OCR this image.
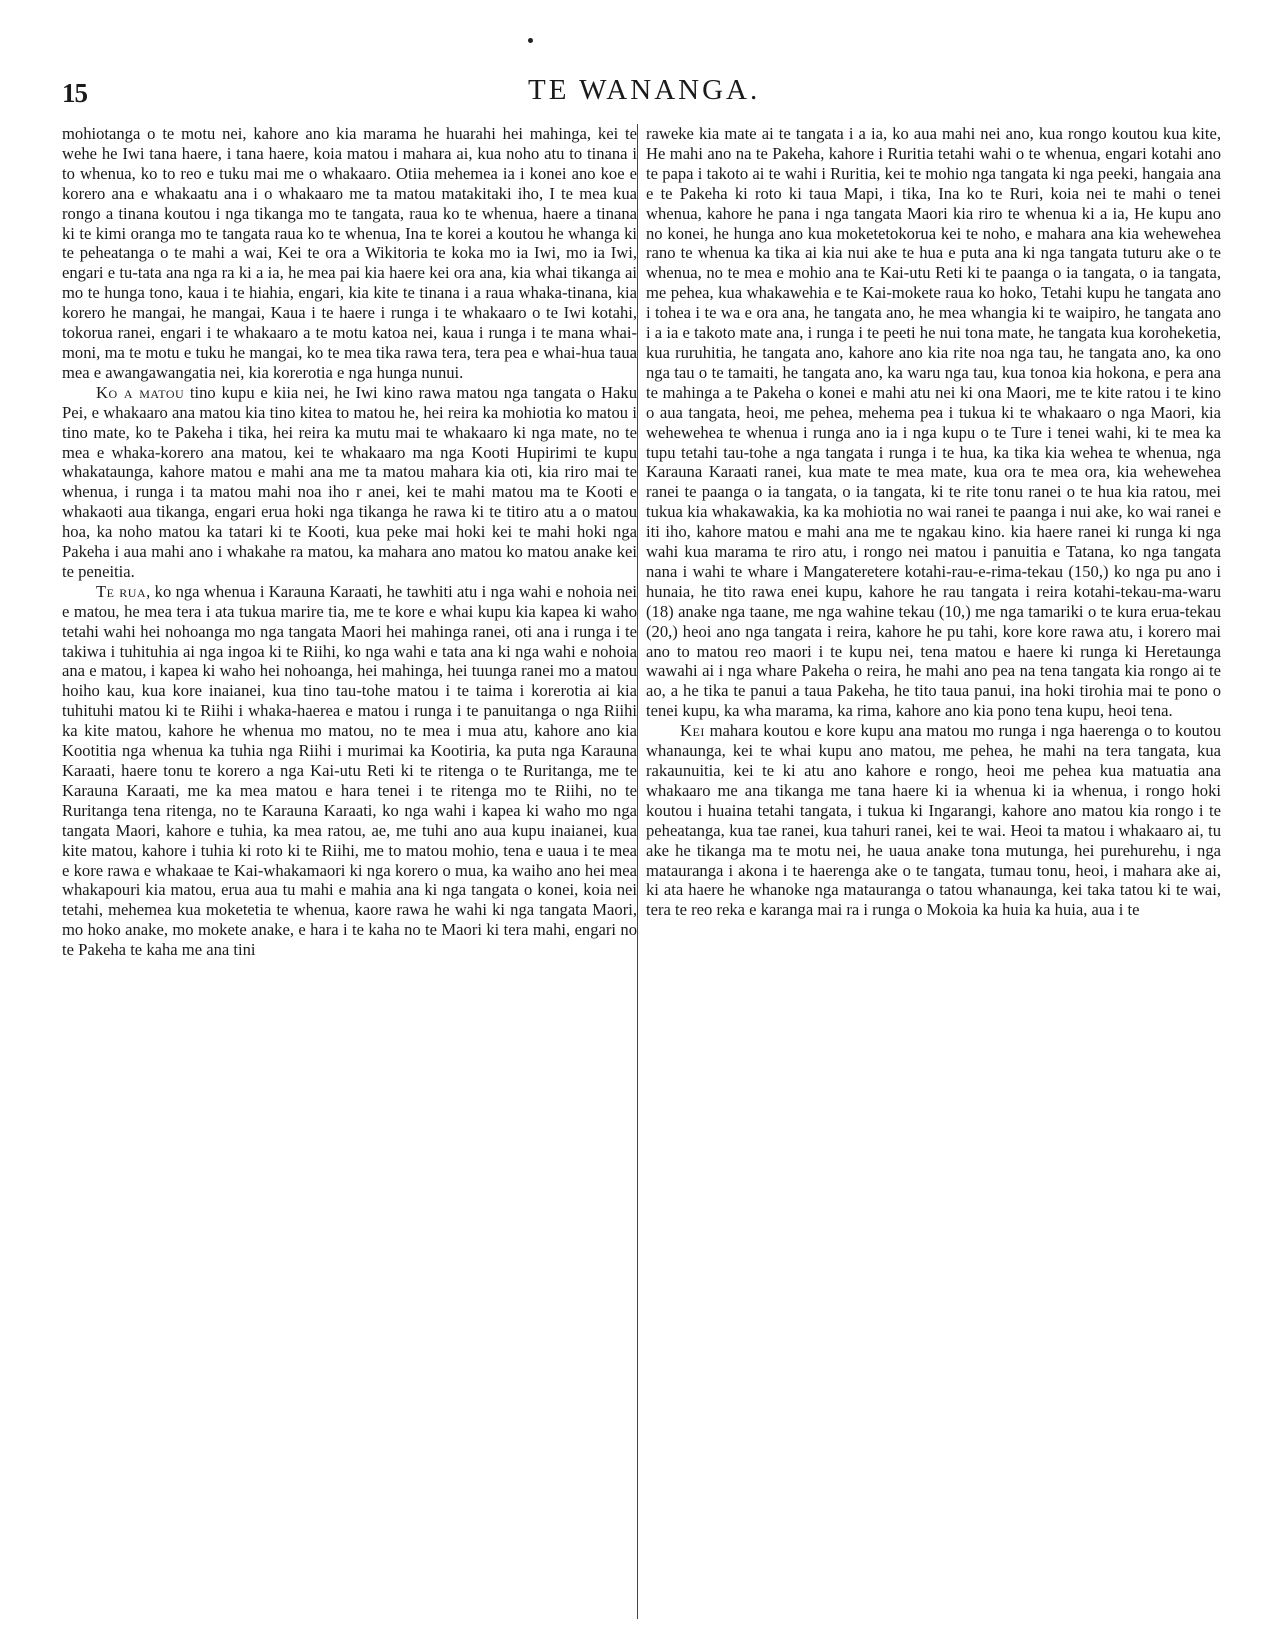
15	TE WANANGA.

mohiotanga o te motu nei, kahore ano kia marama he huarahi hei mahinga, kei te wehe he Iwi tana haere, i tana haere, koia matou i mahara ai, kua noho atu to tinana i to whenua, ko to reo e tuku mai me o whakaaro. Otiia mehemea ia i konei ano koe e korero ana e whakaatu ana i o whakaaro me ta matou matakitaki iho, I te mea kua rongo a tinana koutou i nga tikanga mo te tangata, raua ko te whenua, haere a tinana ki te kimi oranga mo te tangata raua ko te whenua, Ina te korei a koutou he whanga ki te peheatanga o te mahi a wai, Kei te ora a Wikitoria te koka mo ia Iwi, mo ia Iwi, engari e tu-tata ana nga ra ki a ia, he mea pai kia haere kei ora ana, kia whai tikanga ai mo te hunga tono, kaua i te hiahia, engari, kia kite te tinana i a raua whaka-tinana, kia korero he mangai, he mangai, Kaua i te haere i runga i te whakaaro o te Iwi kotahi, tokorua ranei, engari i te whakaaro a te motu katoa nei, kaua i runga i te mana whai-moni, ma te motu e tuku he mangai, ko te mea tika rawa tera, tera pea e whai-hua taua mea e awangawangatia nei, kia korerotia e nga hunga nunui.

Ko a matou tino kupu e kiia nei, he Iwi kino rawa matou nga tangata o Haku Pei, e whakaaro ana matou kia tino kitea to matou he, hei reira ka mohiotia ko matou i tino mate, ko te Pakeha i tika, hei reira ka mutu mai te whakaaro ki nga mate, no te mea e whaka-korero ana matou, kei te whakaaro ma nga Kooti Hupirimi te kupu whakataunga, kahore matou e mahi ana me ta matou mahara kia oti, kia riro mai te whenua, i runga i ta matou mahi noa iho r anei, kei te mahi matou ma te Kooti e whakaoti aua tikanga, engari erua hoki nga tikanga he rawa ki te titiro atu a o matou hoa, ka noho matou ka tatari ki te Kooti, kua peke mai hoki kei te mahi hoki nga Pakeha i aua mahi ano i whakahe ra matou, ka mahara ano matou ko matou anake kei te peneitia.

Te rua, ko nga whenua i Karauna Karaati, he tawhiti atu i nga wahi e nohoia nei e matou, he mea tera i ata tukua marire tia, me te kore e whai kupu kia kapea ki waho tetahi wahi hei nohoanga mo nga tangata Maori hei mahinga ranei, oti ana i runga i te takiwa i tuhituhia ai nga ingoa ki te Riihi, ko nga wahi e tata ana ki nga wahi e nohoia ana e matou, i kapea ki waho hei nohoanga, hei mahinga, hei tuunga ranei mo a matou hoiho kau, kua kore inaianei, kua tino tau-tohe matou i te taima i korerotia ai kia tuhituhi matou ki te Riihi i whaka-haerea e matou i runga i te panuitanga o nga Riihi ka kite matou, kahore he whenua mo matou, no te mea i mua atu, kahore ano kia Kootitia nga whenua ka tuhia nga Riihi i murimai ka Kootiria, ka puta nga Karauna Karaati, haere tonu te korero a nga Kai-utu Reti ki te ritenga o te Ruritanga, me te Karauna Karaati, me ka mea matou e hara tenei i te ritenga mo te Riihi, no te Ruritanga tena ritenga, no te Karauna Karaati, ko nga wahi i kapea ki waho mo nga tangata Maori, kahore e tuhia, ka mea ratou, ae, me tuhi ano aua kupu inaianei, kua kite matou, kahore i tuhia ki roto ki te Riihi, me to matou mohio, tena e uaua i te mea e kore rawa e whakaae te Kai-whakamaori ki nga korero o mua, ka waiho ano hei mea whakapouri kia matou, erua aua tu mahi e mahia ana ki nga tangata o konei, koia nei tetahi, mehemea kua moketetia te whenua, kaore rawa he wahi ki nga tangata Maori, mo hoko anake, mo mokete anake, e hara i te kaha no te Maori ki tera mahi, engari no te Pakeha te kaha me ana tini

raweke kia mate ai te tangata i a ia, ko aua mahi nei ano, kua rongo koutou kua kite, He mahi ano na te Pakeha, kahore i Ruritia tetahi wahi o te whenua, engari kotahi ano te papa i takoto ai te wahi i Ruritia, kei te mohio nga tangata ki nga peeki, hangaia ana e te Pakeha ki roto ki taua Mapi, i tika, Ina ko te Ruri, koia nei te mahi o tenei whenua, kahore he pana i nga tangata Maori kia riro te whenua ki a ia, He kupu ano no konei, he hunga ano kua moketetokorua kei te noho, e mahara ana kia wehewehea rano te whenua ka tika ai kia nui ake te hua e puta ana ki nga tangata tuturu ake o te whenua, no te mea e mohio ana te Kai-utu Reti ki te paanga o ia tangata, o ia tangata, me pehea, kua whakawehia e te Kai-mokete raua ko hoko, Tetahi kupu he tangata ano i tohea i te wa e ora ana, he tangata ano, he mea whangia ki te waipiro, he tangata ano i a ia e takoto mate ana, i runga i te peeti he nui tona mate, he tangata kua koroheketia, kua ruruhitia, he tangata ano, kahore ano kia rite noa nga tau, he tangata ano, ka ono nga tau o te tamaiti, he tangata ano, ka waru nga tau, kua tonoa kia hokona, e pera ana te mahinga a te Pakeha o konei e mahi atu nei ki ona Maori, me te kite ratou i te kino o aua tangata, heoi, me pehea, mehema pea i tukua ki te whakaaro o nga Maori, kia wehewehea te whenua i runga ano ia i nga kupu o te Ture i tenei wahi, ki te mea ka tupu tetahi tau-tohe a nga tangata i runga i te hua, ka tika kia wehea te whenua, nga Karauna Karaati ranei, kua mate te mea mate, kua ora te mea ora, kia wehewehea ranei te paanga o ia tangata, o ia tangata, ki te rite tonu ranei o te hua kia ratou, mei tukua kia whakawakia, ka ka mohiotia no wai ranei te paanga i nui ake, ko wai ranei e iti iho, kahore matou e mahi ana me te ngakau kino. kia haere ranei ki runga ki nga wahi kua marama te riro atu, i rongo nei matou i panuitia e Tatana, ko nga tangata nana i wahi te whare i Mangateretere kotahi-rau-e-rima-tekau (150,) ko nga pu ano i hunaia, he tito rawa enei kupu, kahore he rau tangata i reira kotahi-tekau-ma-waru (18) anake nga taane, me nga wahine tekau (10,) me nga tamariki o te kura erua-tekau (20,) heoi ano nga tangata i reira, kahore he pu tahi, kore kore rawa atu, i korero mai ano to matou reo maori i te kupu nei, tena matou e haere ki runga ki Heretaunga wawahi ai i nga whare Pakeha o reira, he mahi ano pea na tena tangata kia rongo ai te ao, a he tika te panui a taua Pakeha, he tito taua panui, ina hoki tirohia mai te pono o tenei kupu, ka wha marama, ka rima, kahore ano kia pono tena kupu, heoi tena.

Kei mahara koutou e kore kupu ana matou mo runga i nga haerenga o to koutou whanaunga, kei te whai kupu ano matou, me pehea, he mahi na tera tangata, kua rakaunuitia, kei te ki atu ano kahore e rongo, heoi me pehea kua matuatia ana whakaaro me ana tikanga me tana haere ki ia whenua ki ia whenua, i rongo hoki koutou i huaina tetahi tangata, i tukua ki Ingarangi, kahore ano matou kia rongo i te peheatanga, kua tae ranei, kua tahuri ranei, kei te wai. Heoi ta matou i whakaaro ai, tu ake he tikanga ma te motu nei, he uaua anake tona mutunga, hei purehurehu, i nga matauranga i akona i te haerenga ake o te tangata, tumau tonu, heoi, i mahara ake ai, ki ata haere he whanoke nga matauranga o tatou whanaunga, kei taka tatou ki te wai, tera te reo reka e karanga mai ra i runga o Mokoia ka huia ka huia, aua i te
